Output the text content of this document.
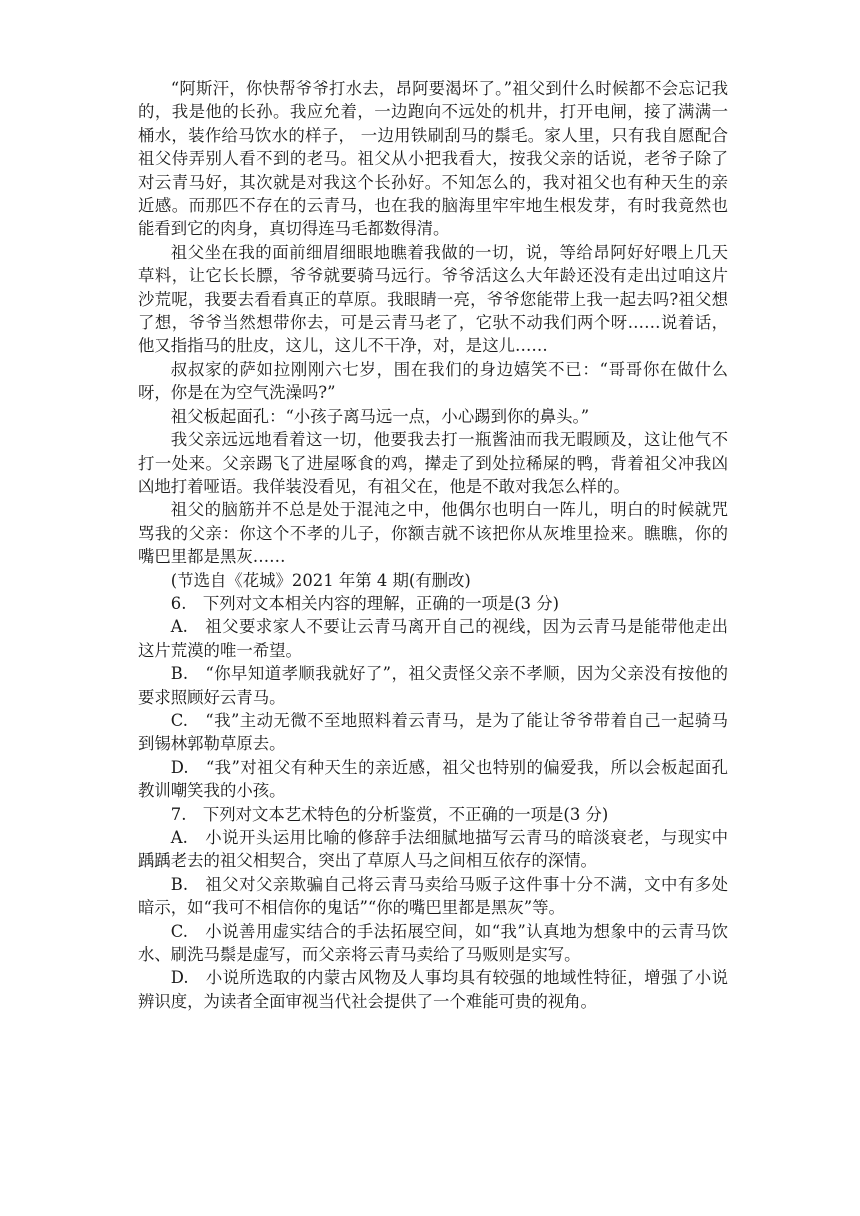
“阿斯汗，你快帮爷爷打水去，昂阿要渴坏了。”祖父到什么时候都不会忘记我的，我是他的长孙。我应允着，一边跑向不远处的机井，打开电闸，接了满满一桶水，装作给马饮水的样子， 一边用铁刷刮马的鬃毛。家人里，只有我自愿配合祖父侍弄别人看不到的老马。祖父从小把我看大，按我父亲的话说，老爷子除了对云青马好，其次就是对我这个长孙好。不知怎么的，我对祖父也有种天生的亲近感。而那匹不存在的云青马，也在我的脑海里牢牢地生根发芽，有时我竟然也能看到它的肉身，真切得连马毛都数得清。

祖父坐在我的面前细眉细眼地瞧着我做的一切，说，等给昂阿好好喂上几天草料，让它长长膘，爷爷就要骑马远行。爷爷活这么大年龄还没有走出过咱这片沙荒呢，我要去看看真正的草原。我眼睛一亮，爷爷您能带上我一起去吗?祖父想了想，爷爷当然想带你去，可是云青马老了，它驮不动我们两个呀……说着话，他又指指马的肚皮，这儿，这儿不干净，对，是这儿……

叔叔家的萨如拉刚刚六七岁，围在我们的身边嬉笑不已：“哥哥你在做什么呀，你是在为空气洗澡吗?”

祖父板起面孔：“小孩子离马远一点，小心踢到你的鼻头。”

我父亲远远地看着这一切，他要我去打一瓶酱油而我无暇顾及，这让他气不打一处来。父亲踢飞了进屋啄食的鸡，撵走了到处拉稀屎的鸭，背着祖父冲我凶凶地打着哑语。我佯装没看见，有祖父在，他是不敢对我怎么样的。

祖父的脑筋并不总是处于混沌之中，他偶尔也明白一阵儿，明白的时候就咒骂我的父亲：你这个不孝的儿子，你额吉就不该把你从灰堆里捡来。瞧瞧，你的嘴巴里都是黑灰……

(节选自《花城》2021 年第 4 期(有删改)

6.　下列对文本相关内容的理解，正确的一项是(3 分)

A.　祖父要求家人不要让云青马离开自己的视线，因为云青马是能带他走出这片荒漠的唯一希望。

B.　“你早知道孝顺我就好了”，祖父责怪父亲不孝顺，因为父亲没有按他的要求照顾好云青马。

C.　“我”主动无微不至地照料着云青马，是为了能让爷爷带着自己一起骑马到锡林郭勒草原去。

D.　“我”对祖父有种天生的亲近感，祖父也特别的偏爱我，所以会板起面孔教训嘲笑我的小孩。

7.　下列对文本艺术特色的分析鉴赏，不正确的一项是(3 分)

A.　小说开头运用比喻的修辞手法细腻地描写云青马的暗淡衰老，与现实中踽踽老去的祖父相契合，突出了草原人马之间相互依存的深情。

B.　祖父对父亲欺骗自己将云青马卖给马贩子这件事十分不满，文中有多处暗示，如“我可不相信你的鬼话”“你的嘴巴里都是黑灰”等。

C.　小说善用虚实结合的手法拓展空间，如“我”认真地为想象中的云青马饮水、刷洗马鬃是虚写，而父亲将云青马卖给了马贩则是实写。

D.　小说所选取的内蒙古风物及人事均具有较强的地域性特征，增强了小说辨识度，为读者全面审视当代社会提供了一个难能可贵的视角。
